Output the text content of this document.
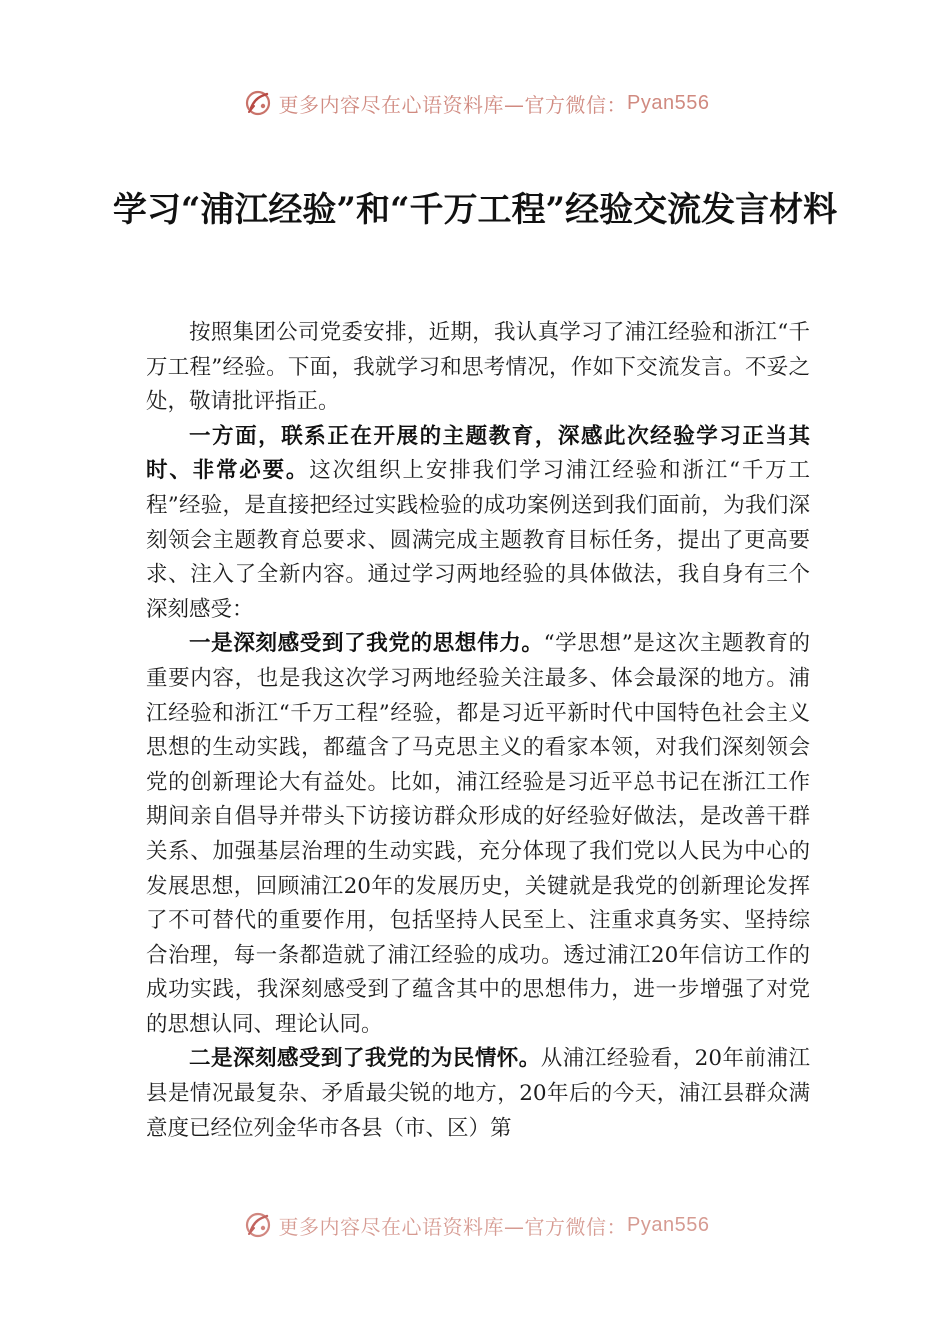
更多内容尽在心语资料库—官方微信： Pyan556
学习“浦江经验”和“千万工程”经验交流发言材料

按照集团公司党委安排，近期，我认真学习了浦江经验和浙江“千万工程”经验。下面，我就学习和思考情况，作如下交流发言。不妥之处，敬请批评指正。

一方面，联系正在开展的主题教育，深感此次经验学习正当其时、非常必要。这次组织上安排我们学习浦江经验和浙江“千万工程”经验，是直接把经过实践检验的成功案例送到我们面前，为我们深刻领会主题教育总要求、圆满完成主题教育目标任务，提出了更高要求、注入了全新内容。通过学习两地经验的具体做法，我自身有三个深刻感受：

一是深刻感受到了我党的思想伟力。“学思想”是这次主题教育的重要内容，也是我这次学习两地经验关注最多、体会最深的地方。浦江经验和浙江“千万工程”经验，都是习近平新时代中国特色社会主义思想的生动实践，都蕴含了马克思主义的看家本领，对我们深刻领会党的创新理论大有益处。比如，浦江经验是习近平总书记在浙江工作期间亲自倡导并带头下访接访群众形成的好经验好做法，是改善干群关系、加强基层治理的生动实践，充分体现了我们党以人民为中心的发展思想，回顾浦江20年的发展历史，关键就是我党的创新理论发挥了不可替代的重要作用，包括坚持人民至上、注重求真务实、坚持综合治理，每一条都造就了浦江经验的成功。透过浦江20年信访工作的成功实践，我深刻感受到了蕴含其中的思想伟力，进一步增强了对党的思想认同、理论认同。

二是深刻感受到了我党的为民情怀。从浦江经验看，20年前浦江县是情况最复杂、矛盾最尖锐的地方，20年后的今天，浦江县群众满意度已经位列金华市各县（市、区）第

更多内容尽在心语资料库—官方微信： Pyan556
